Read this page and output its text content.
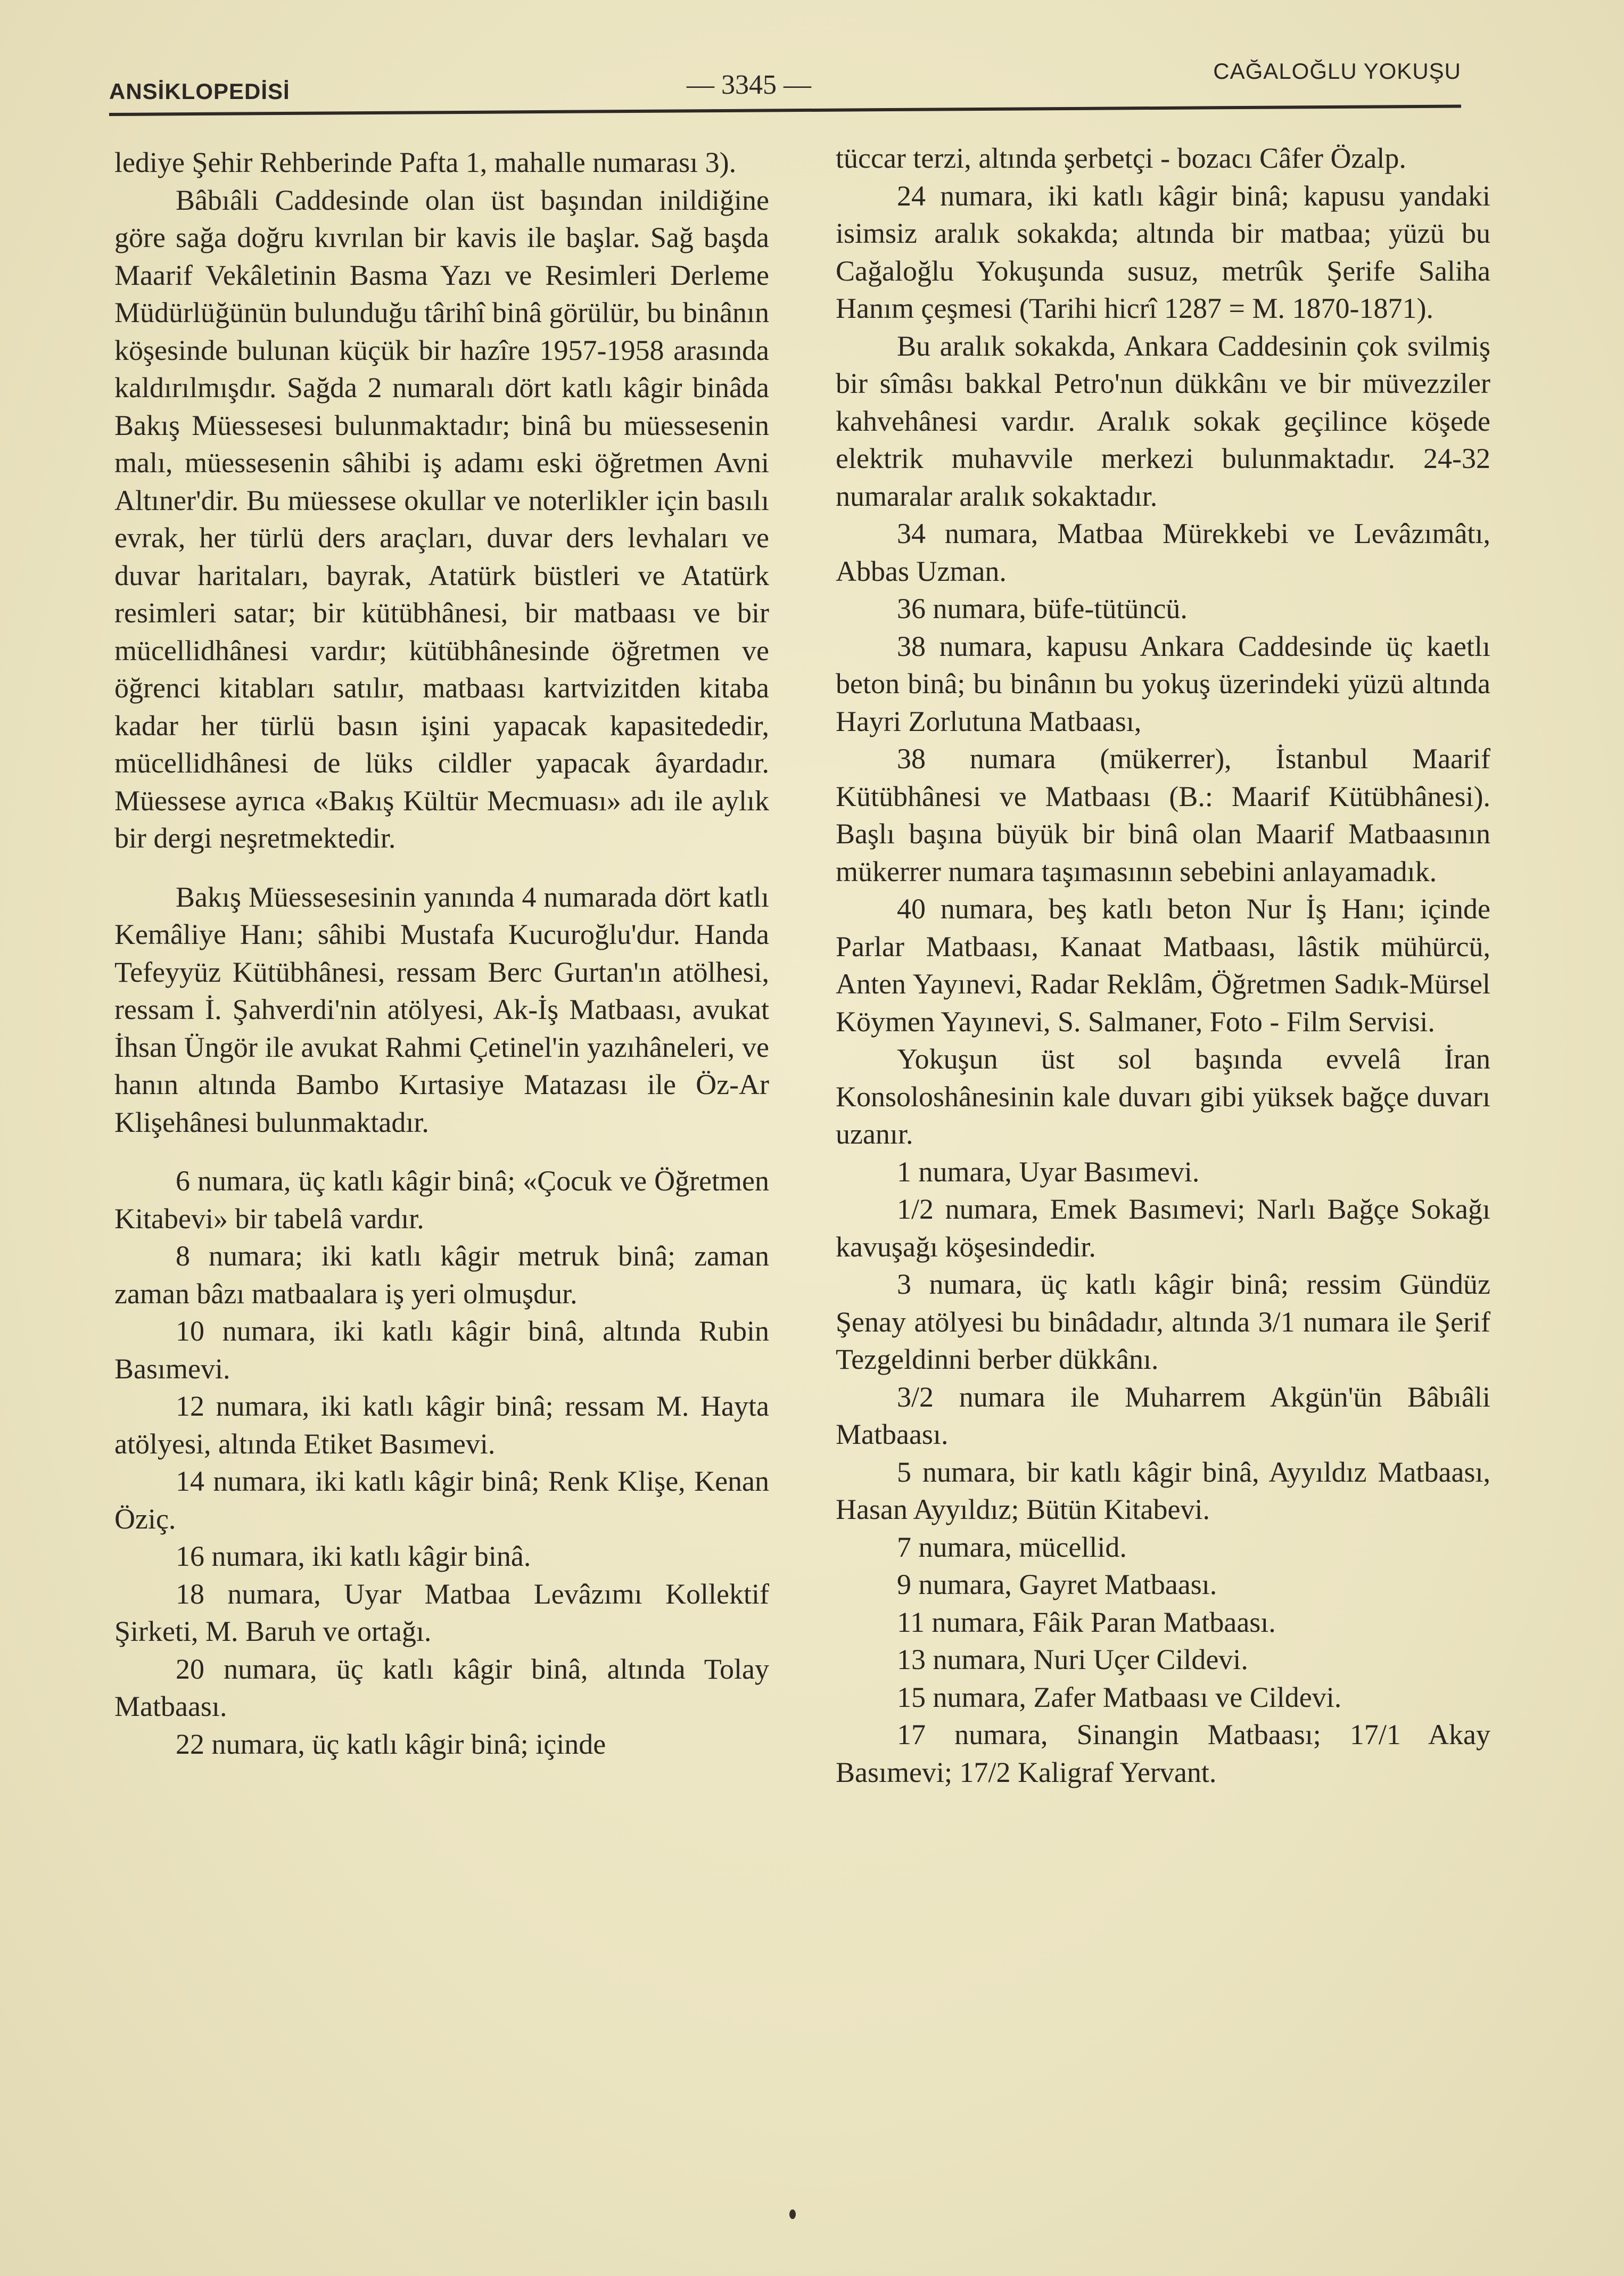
ANSİKLOPEDİSİ	— 3345 —	CAĞALOĞLU YOKUŞU

lediye Şehir Rehberinde Pafta 1, mahalle numarası 3).

Bâbıâli Caddesinde olan üst başından inildiğine göre sağa doğru kıvrılan bir kavis ile başlar. Sağ başda Maarif Vekâletinin Basma Yazı ve Resimleri Derleme Müdürlüğünün bulunduğu târihî binâ görülür, bu binânın köşesinde bulunan küçük bir hazîre 1957-1958 arasında kaldırılmışdır. Sağda 2 numaralı dört katlı kâgir binâda Bakış Müessesesi bulunmaktadır; binâ bu müessesenin malı, müessesenin sâhibi iş adamı eski öğretmen Avni Altıner'dir. Bu müessese okullar ve noterlikler için basılı evrak, her türlü ders araçları, duvar ders levhaları ve duvar haritaları, bayrak, Atatürk büstleri ve Atatürk resimleri satar; bir kütübhânesi, bir matbaası ve bir mücellidhânesi vardır; kütübhânesinde öğretmen ve öğrenci kitabları satılır, matbaası kartvizitden kitaba kadar her türlü basın işini yapacak kapasitededir, mücellidhânesi de lüks cildler yapacak âyardadır. Müessese ayrıca «Bakış Kültür Mecmuası» adı ile aylık bir dergi neşretmektedir.

Bakış Müessesesinin yanında 4 numarada dört katlı Kemâliye Hanı; sâhibi Mustafa Kucuroğlu'dur. Handa Tefeyyüz Kütübhânesi, ressam Berc Gurtan'ın atölhesi, ressam İ. Şahverdi'nin atölyesi, Ak-İş Matbaası, avukat İhsan Üngör ile avukat Rahmi Çetinel'in yazıhâneleri, ve hanın altında Bambo Kırtasiye Matazası ile Öz-Ar Klişehânesi bulunmaktadır.

6 numara, üç katlı kâgir binâ; «Çocuk ve Öğretmen Kitabevi» bir tabelâ vardır.

8 numara; iki katlı kâgir metruk binâ; zaman zaman bâzı matbaalara iş yeri olmuşdur.

10 numara, iki katlı kâgir binâ, altında Rubin Basımevi.

12 numara, iki katlı kâgir binâ; ressam M. Hayta atölyesi, altında Etiket Basımevi.

14 numara, iki katlı kâgir binâ; Renk Klişe, Kenan Öziç.

16 numara, iki katlı kâgir binâ.

18 numara, Uyar Matbaa Levâzımı Kollektif Şirketi, M. Baruh ve ortağı.

20 numara, üç katlı kâgir binâ, altında Tolay Matbaası.

22 numara, üç katlı kâgir binâ; içinde

tüccar terzi, altında şerbetçi - bozacı Câfer Özalp.

24 numara, iki katlı kâgir binâ; kapusu yandaki isimsiz aralık sokakda; altında bir matbaa; yüzü bu Cağaloğlu Yokuşunda susuz, metrûk Şerife Saliha Hanım çeşmesi (Tarihi hicrî 1287 = M. 1870-1871).

Bu aralık sokakda, Ankara Caddesinin çok svilmiş bir sîmâsı bakkal Petro'nun dükkânı ve bir müvezziler kahvehânesi vardır. Aralık sokak geçilince köşede elektrik muhavvile merkezi bulunmaktadır. 24-32 numaralar aralık sokaktadır.

34 numara, Matbaa Mürekkebi ve Levâzımâtı, Abbas Uzman.

36 numara, büfe-tütüncü.

38 numara, kapusu Ankara Caddesinde üç kaetlı beton binâ; bu binânın bu yokuş üzerindeki yüzü altında Hayri Zorlutuna Matbaası,

38 numara (mükerrer), İstanbul Maarif Kütübhânesi ve Matbaası (B.: Maarif Kütübhânesi). Başlı başına büyük bir binâ olan Maarif Matbaasının mükerrer numara taşımasının sebebini anlayamadık.

40 numara, beş katlı beton Nur İş Hanı; içinde Parlar Matbaası, Kanaat Matbaası, lâstik mühürcü, Anten Yayınevi, Radar Reklâm, Öğretmen Sadık-Mürsel Köymen Yayınevi, S. Salmaner, Foto - Film Servisi.

Yokuşun üst sol başında evvelâ İran Konsoloshânesinin kale duvarı gibi yüksek bağçe duvarı uzanır.

1 numara, Uyar Basımevi.

1/2 numara, Emek Basımevi; Narlı Bağçe Sokağı kavuşağı köşesindedir.

3 numara, üç katlı kâgir binâ; ressim Gündüz Şenay atölyesi bu binâdadır, altında 3/1 numara ile Şerif Tezgeldinni berber dükkânı.

3/2 numara ile Muharrem Akgün'ün Bâbıâli Matbaası.

5 numara, bir katlı kâgir binâ, Ayyıldız Matbaası, Hasan Ayyıldız; Bütün Kitabevi.

7 numara, mücellid.

9 numara, Gayret Matbaası.

11 numara, Fâik Paran Matbaası.

13 numara, Nuri Uçer Cildevi.

15 numara, Zafer Matbaası ve Cildevi.

17 numara, Sinangin Matbaası; 17/1 Akay Basımevi; 17/2 Kaligraf Yervant.
